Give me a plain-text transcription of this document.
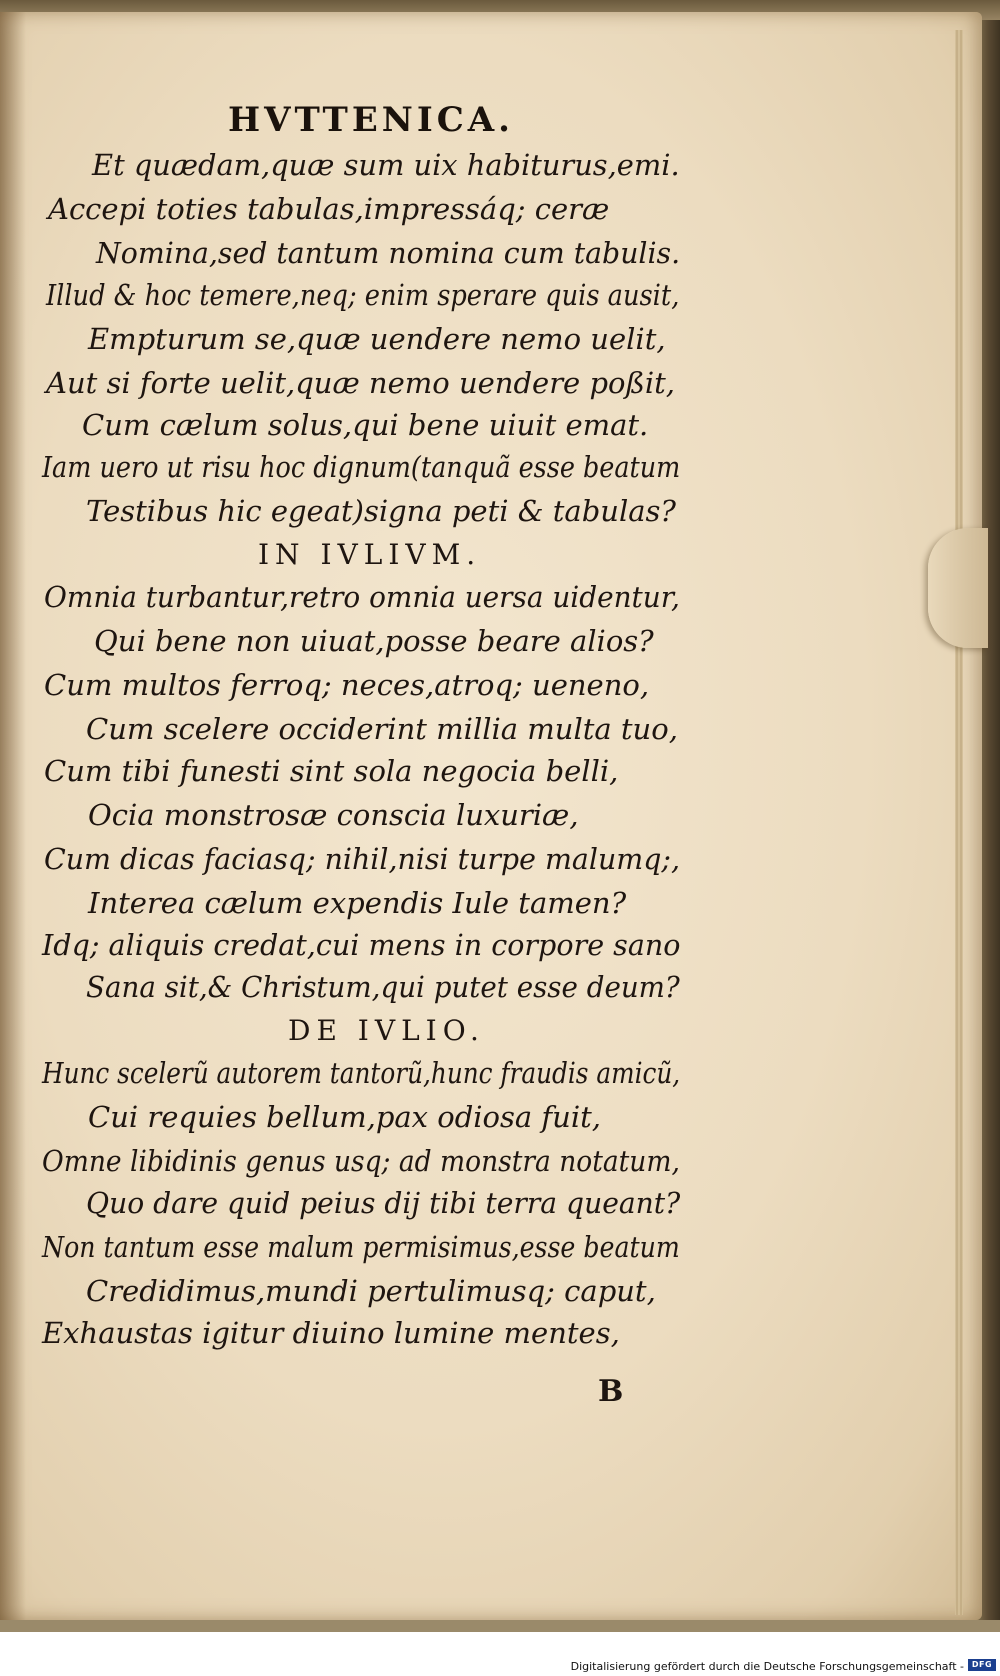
HVTTENICA.
Et quædam,quæ sum uix habiturus,emi.
Accepi toties tabulas,impressáq; ceræ
Nomina,sed tantum nomina cum tabulis.
Illud & hoc temere,neq; enim sperare quis ausit,
Empturum se,quæ uendere nemo uelit,
Aut si forte uelit,quæ nemo uendere poßit,
Cum cælum solus,qui bene uiuit emat.
Iam uero ut risu hoc dignum(tanquã esse beatum
Testibus hic egeat)signa peti & tabulas?
IN IVLIVM.
Omnia turbantur,retro omnia uersa uidentur,
Qui bene non uiuat,posse beare alios?
Cum multos ferroq; neces,atroq; ueneno,
Cum scelere occiderint millia multa tuo,
Cum tibi funesti sint sola negocia belli,
Ocia monstrosæ conscia luxuriæ,
Cum dicas faciasq; nihil,nisi turpe malumq;,
Interea cælum expendis Iule tamen?
Idq; aliquis credat,cui mens in corpore sano
Sana sit,& Christum,qui putet esse deum?
DE IVLIO.
Hunc scelerũ autorem tantorũ,hunc fraudis amicũ,
Cui requies bellum,pax odiosa fuit,
Omne libidinis genus usq; ad monstra notatum,
Quo dare quid peius dij tibi terra queant?
Non tantum esse malum permisimus,esse beatum
Credidimus,mundi pertulimusq; caput,
Exhaustas igitur diuino lumine mentes,
B
Digitalisierung gefördert durch die Deutsche Forschungsgemeinschaft - DFG
